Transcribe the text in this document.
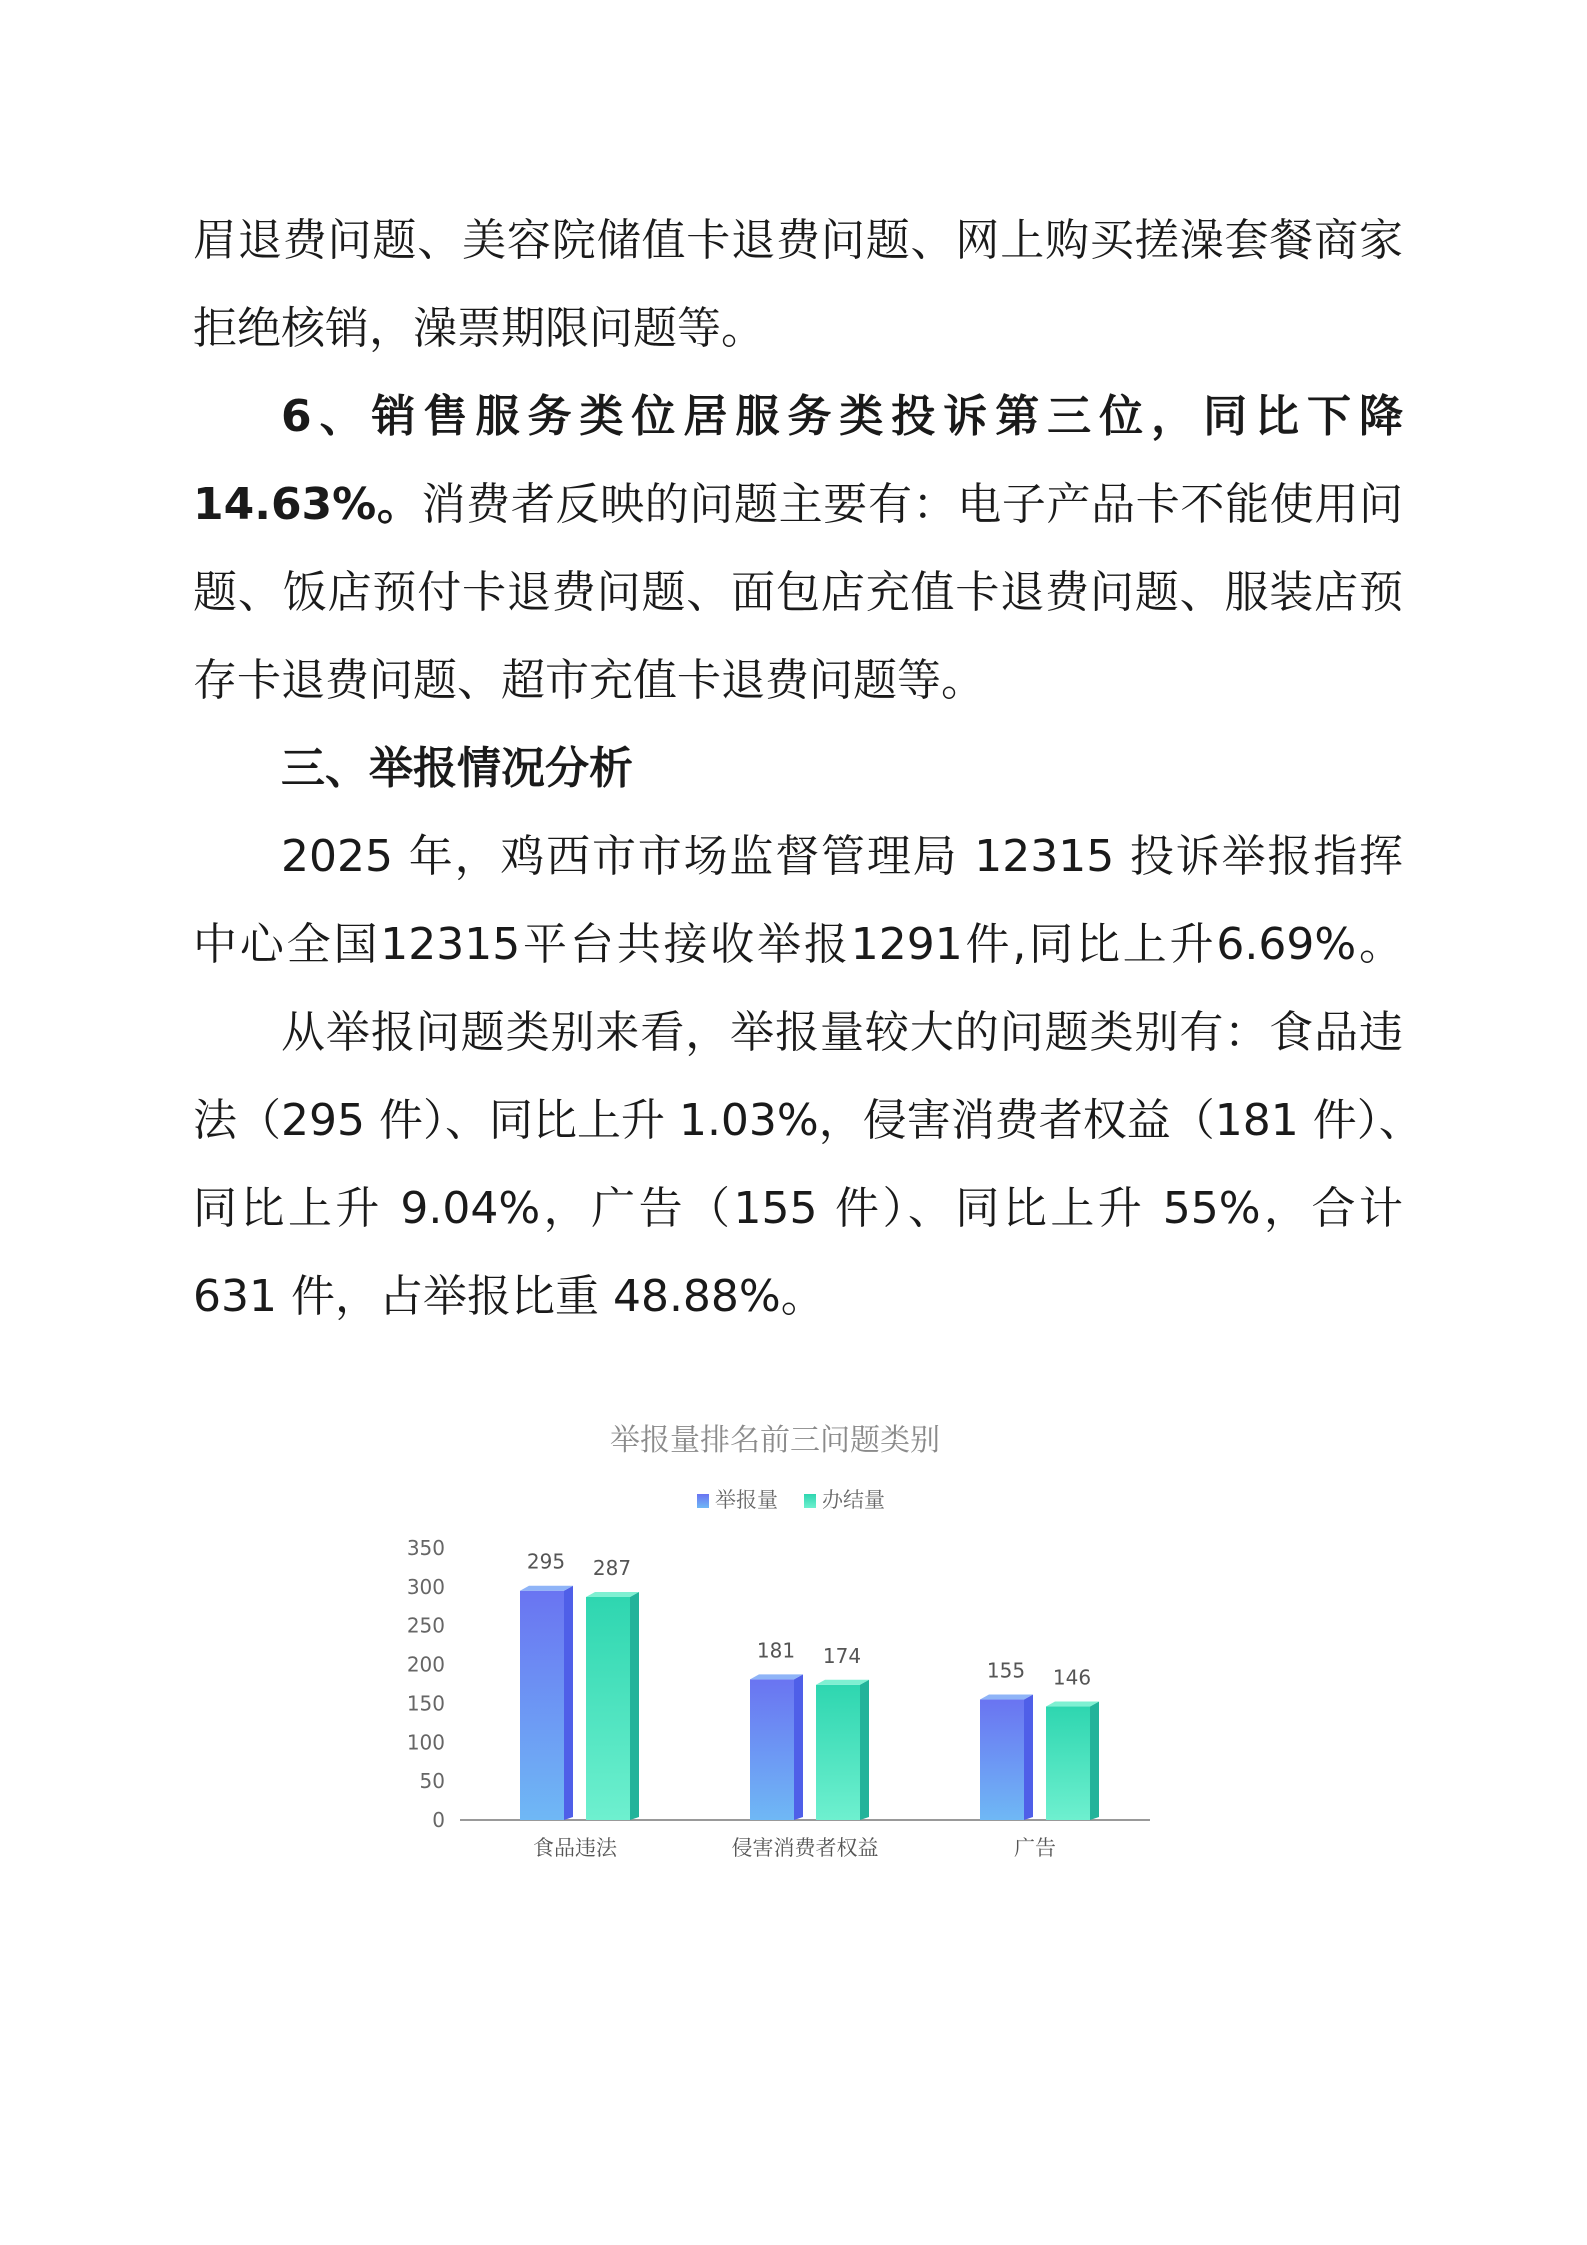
眉退费问题、美容院储值卡退费问题、网上购买搓澡套餐商家
拒绝核销，澡票期限问题等。
6、销售服务类位居服务类投诉第三位，同比下降
14.63%。消费者反映的问题主要有：电子产品卡不能使用问
题、饭店预付卡退费问题、面包店充值卡退费问题、服装店预
存卡退费问题、超市充值卡退费问题等。
三、举报情况分析
2025 年，鸡西市市场监督管理局 12315 投诉举报指挥
中心全国12315平台共接收举报1291件,同比上升6.69%。
从举报问题类别来看，举报量较大的问题类别有：食品违
法（295 件）、同比上升 1.03%，侵害消费者权益（181 件）、
同比上升 9.04%，广告（155 件）、同比上升 55%，合计
631 件，占举报比重 48.88%。
举报量排名前三问题类别
举报量 办结量
0
50
100
150
200
250
300
350
食品违法	侵害消费者权益	广告
295 287
181 174
155 146
